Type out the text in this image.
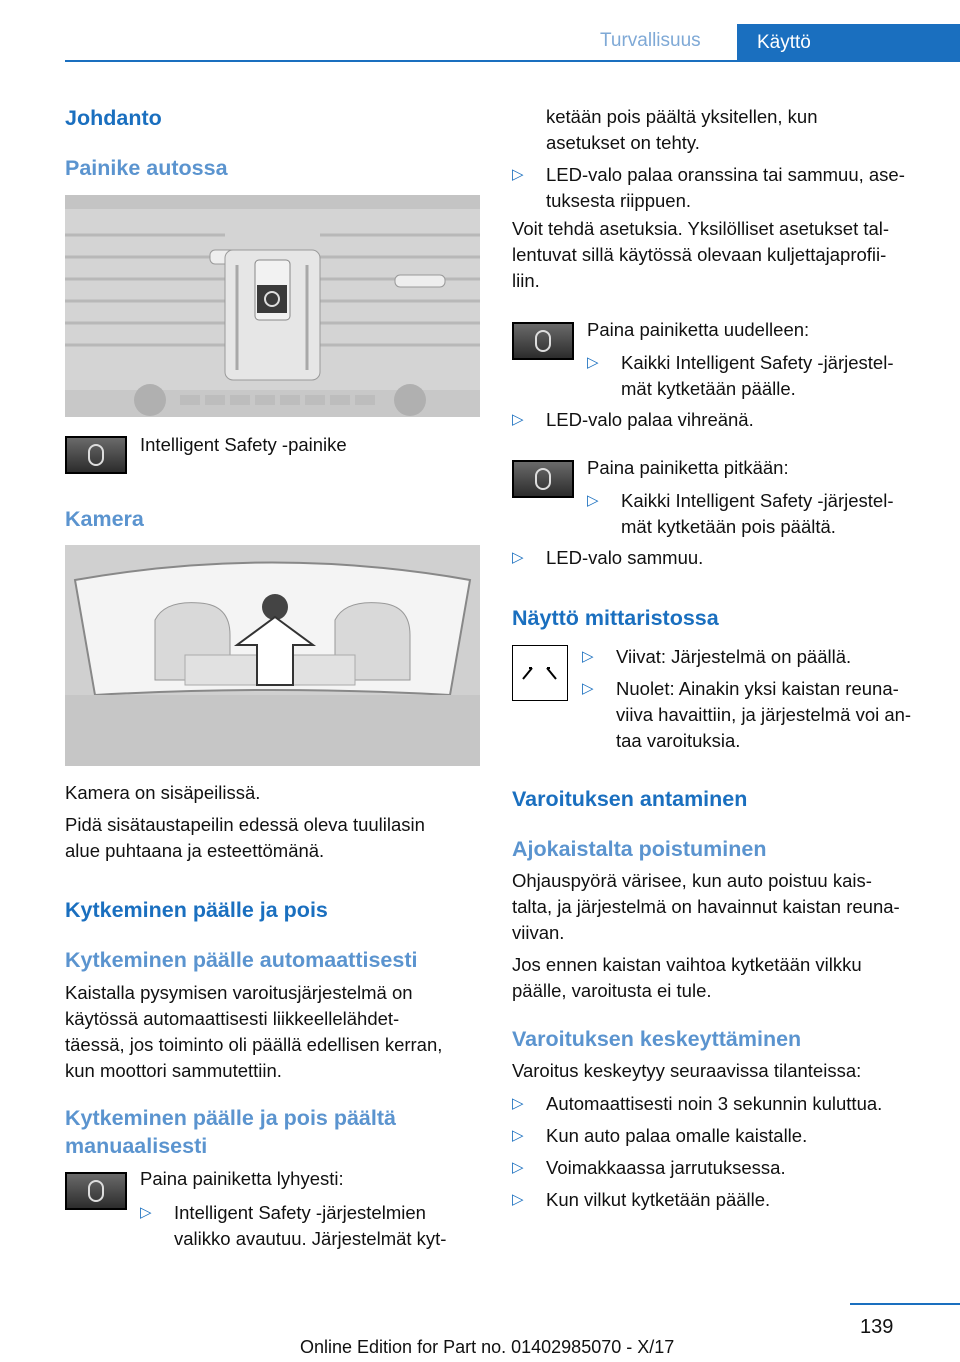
Turvallisuus	Käyttö
Johdanto
Painike autossa
Intelligent Safety -painike
Kamera
Kamera on sisäpeilissä.
Pidä sisätaustapeilin edessä oleva tuulilasin
alue puhtaana ja esteettömänä.
Kytkeminen päälle ja pois
Kytkeminen päälle automaattisesti
Kaistalla pysymisen varoitusjärjestelmä on
käytössä automaattisesti liikkeellelähdet-
täessä, jos toiminto oli päällä edellisen kerran,
kun moottori sammutettiin.
Kytkeminen päälle ja pois päältä
manuaalisesti
Paina painiketta lyhyesti:
▷ Intelligent Safety -järjestelmien
valikko avautuu. Järjestelmät kyt-
ketään pois päältä yksitellen, kun
asetukset on tehty.
▷ LED-valo palaa oranssina tai sammuu, ase-
tuksesta riippuen.
Voit tehdä asetuksia. Yksilölliset asetukset tal-
lentuvat sillä käytössä olevaan kuljettajaprofii-
liin.
Paina painiketta uudelleen:
▷ Kaikki Intelligent Safety -järjestel-
mät kytketään päälle.
▷ LED-valo palaa vihreänä.
Paina painiketta pitkään:
▷ Kaikki Intelligent Safety -järjestel-
mät kytketään pois päältä.
▷ LED-valo sammuu.
Näyttö mittaristossa
▷ Viivat: Järjestelmä on päällä.
▷ Nuolet: Ainakin yksi kaistan reuna-
viiva havaittiin, ja järjestelmä voi an-
taa varoituksia.
Varoituksen antaminen
Ajokaistalta poistuminen
Ohjauspyörä värisee, kun auto poistuu kais-
talta, ja järjestelmä on havainnut kaistan reuna-
viivan.
Jos ennen kaistan vaihtoa kytketään vilkku
päälle, varoitusta ei tule.
Varoituksen keskeyttäminen
Varoitus keskeytyy seuraavissa tilanteissa:
▷ Automaattisesti noin 3 sekunnin kuluttua.
▷ Kun auto palaa omalle kaistalle.
▷ Voimakkaassa jarrutuksessa.
▷ Kun vilkut kytketään päälle.
139
Online Edition for Part no. 01402985070 - X/17
